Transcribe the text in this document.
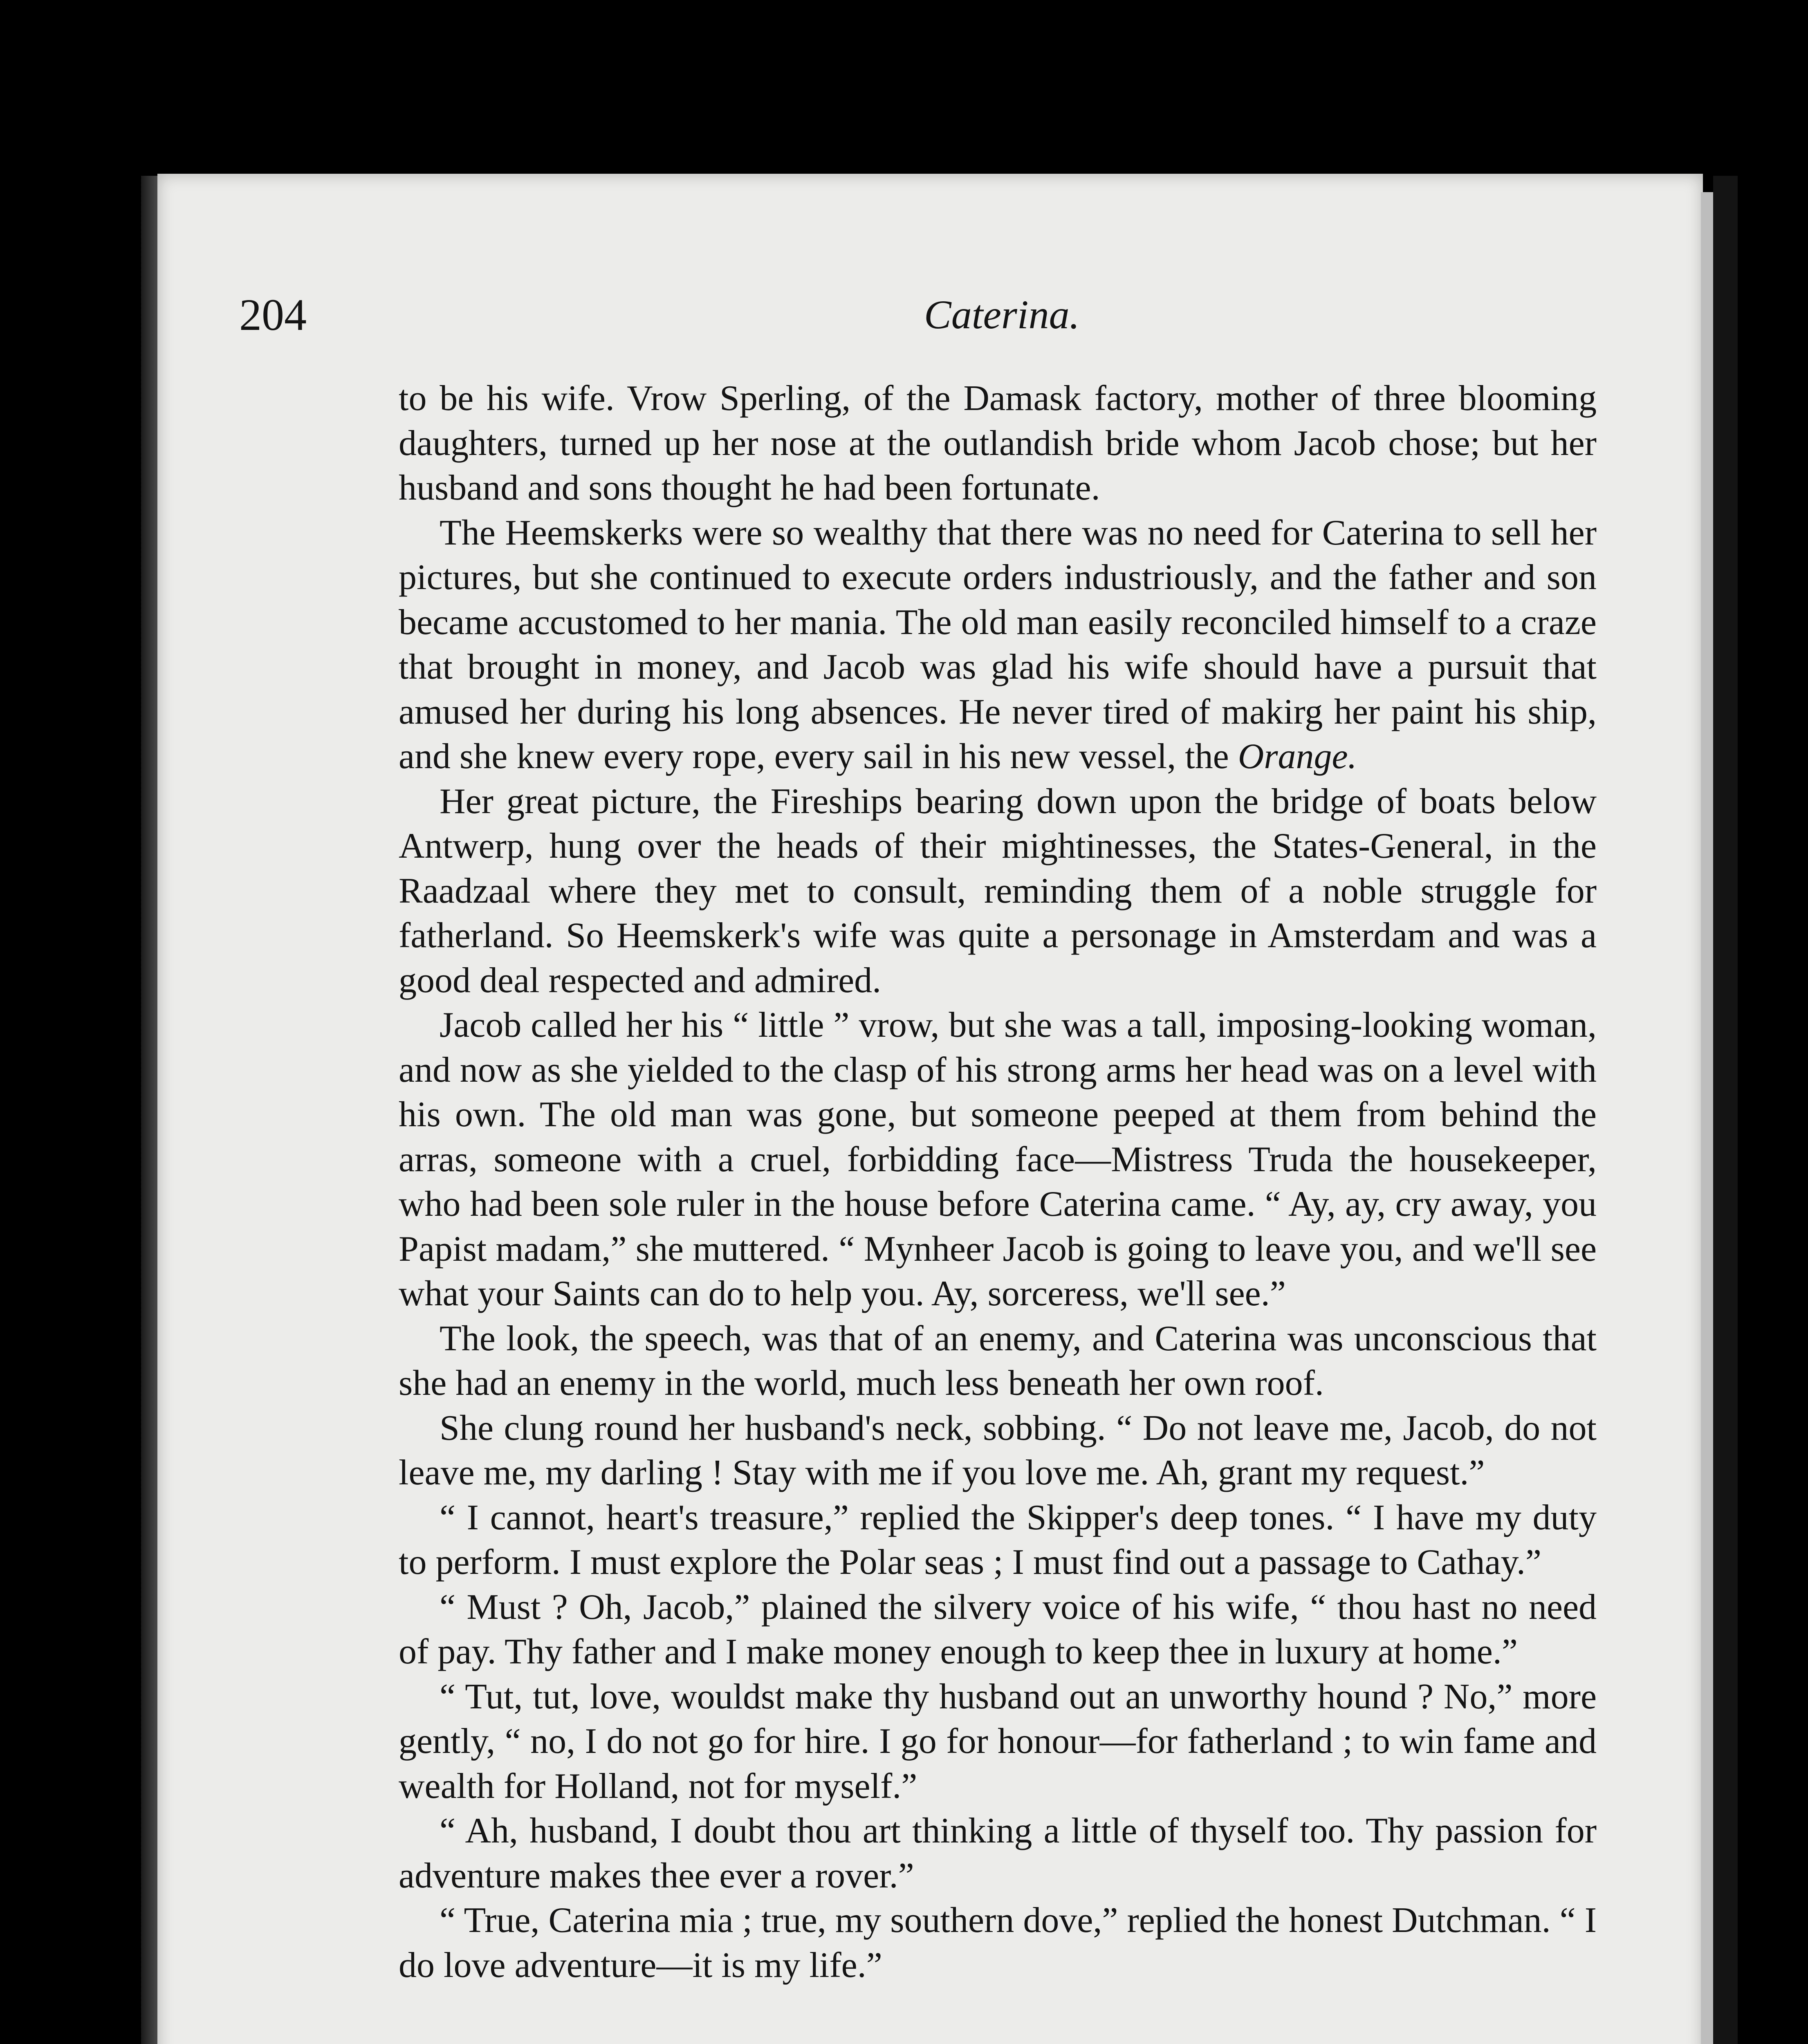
204	Caterina.

to be his wife. Vrow Sperling, of the Damask factory, mother of three blooming daughters, turned up her nose at the outlandish bride whom Jacob chose; but her husband and sons thought he had been fortunate.

The Heemskerks were so wealthy that there was no need for Caterina to sell her pictures, but she continued to execute orders industriously, and the father and son became accustomed to her mania. The old man easily reconciled himself to a craze that brought in money, and Jacob was glad his wife should have a pursuit that amused her during his long absences. He never tired of makirg her paint his ship, and she knew every rope, every sail in his new vessel, the Orange.

Her great picture, the Fireships bearing down upon the bridge of boats below Antwerp, hung over the heads of their mightinesses, the States-General, in the Raadzaal where they met to consult, reminding them of a noble struggle for fatherland. So Heemskerk's wife was quite a personage in Amsterdam and was a good deal respected and admired.

Jacob called her his “ little ” vrow, but she was a tall, imposing-looking woman, and now as she yielded to the clasp of his strong arms her head was on a level with his own. The old man was gone, but someone peeped at them from behind the arras, someone with a cruel, forbidding face—Mistress Truda the housekeeper, who had been sole ruler in the house before Caterina came. “ Ay, ay, cry away, you Papist madam,” she muttered. “ Mynheer Jacob is going to leave you, and we'll see what your Saints can do to help you. Ay, sorceress, we'll see.”

The look, the speech, was that of an enemy, and Caterina was unconscious that she had an enemy in the world, much less beneath her own roof.

She clung round her husband's neck, sobbing. “ Do not leave me, Jacob, do not leave me, my darling ! Stay with me if you love me. Ah, grant my request.”

“ I cannot, heart's treasure,” replied the Skipper's deep tones. “ I have my duty to perform. I must explore the Polar seas ; I must find out a passage to Cathay.”

“ Must ? Oh, Jacob,” plained the silvery voice of his wife, “ thou hast no need of pay. Thy father and I make money enough to keep thee in luxury at home.”

“ Tut, tut, love, wouldst make thy husband out an unworthy hound ? No,” more gently, “ no, I do not go for hire. I go for honour—for fatherland ; to win fame and wealth for Holland, not for myself.”

“ Ah, husband, I doubt thou art thinking a little of thyself too. Thy passion for adventure makes thee ever a rover.”

“ True, Caterina mia ; true, my southern dove,” replied the honest Dutchman. “ I do love adventure—it is my life.”
